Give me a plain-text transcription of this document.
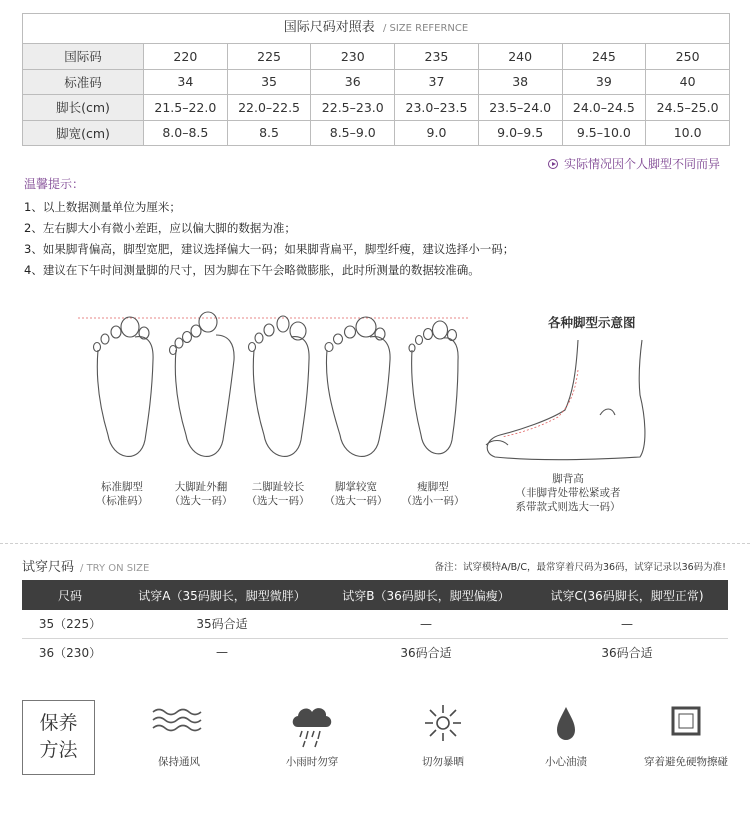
国际尺码对照表 / SIZE REFERNCE
国际码	220	225	230	235	240	245	250
标准码	34	35	36	37	38	39	40
脚长(cm)	21.5–22.0	22.0–22.5	22.5–23.0	23.0–23.5	23.5–24.0	24.0–24.5	24.5–25.0
脚宽(cm)	8.0–8.5	8.5	8.5–9.0	9.0	9.0–9.5	9.5–10.0	10.0
实际情况因个人脚型不同而异
温馨提示：
1、以上数据测量单位为厘米；
2、左右脚大小有微小差距，应以偏大脚的数据为准；
3、如果脚背偏高，脚型宽肥，建议选择偏大一码；如果脚背扁平，脚型纤瘦，建议选择小一码；
4、建议在下午时间测量脚的尺寸，因为脚在下午会略微膨胀，此时所测量的数据较准确。
标准脚型
（标准码）
大脚趾外翻
（选大一码）
二脚趾较长
（选大一码）
脚掌较宽
（选大一码）
瘦脚型
（选小一码）
各种脚型示意图
脚背高
（非脚背处带松紧或者
系带款式则选大一码）
试穿尺码 / TRY ON SIZE	备注：试穿模特A/B/C，最常穿着尺码为36码，试穿记录以36码为准!
尺码	试穿A（35码脚长，脚型微胖）	试穿B（36码脚长，脚型偏瘦）	试穿C(36码脚长，脚型正常)
35（225）	35码合适	—	—
36（230）	—	36码合适	36码合适
保养
方法
保持通风	小雨时勿穿	切勿暴晒	小心油渍	穿着避免硬物擦碰
